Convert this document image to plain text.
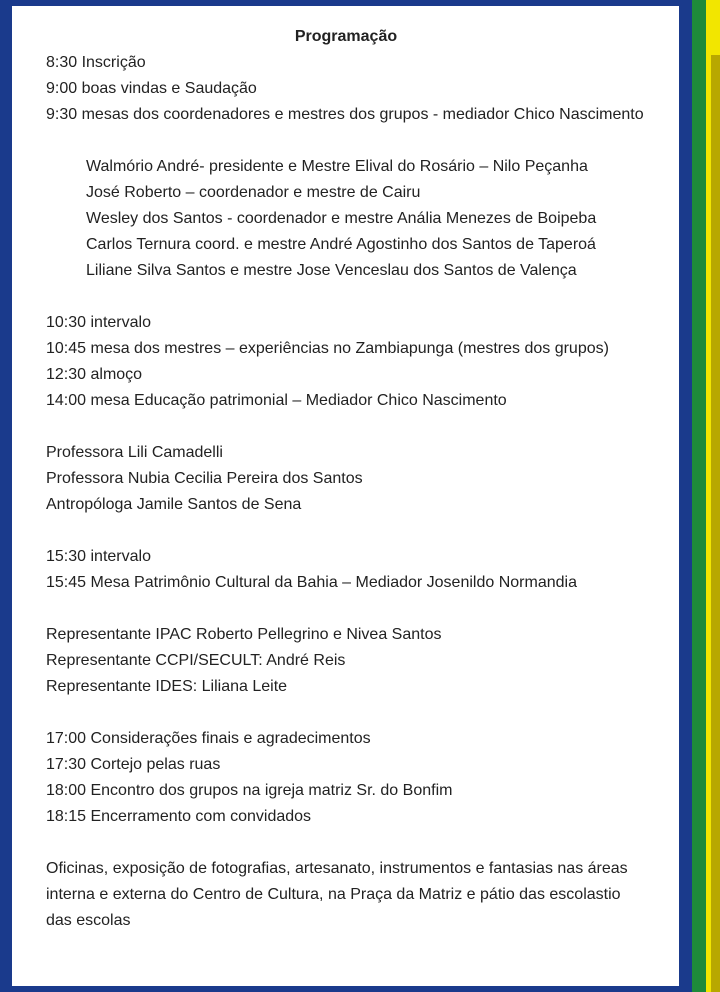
Programação
8:30 Inscrição
9:00 boas vindas e Saudação
9:30 mesas dos coordenadores e mestres dos grupos - mediador Chico Nascimento
Walmório André- presidente e Mestre Elival do Rosário – Nilo Peçanha
José Roberto – coordenador e mestre de Cairu
Wesley dos Santos - coordenador e mestre Anália Menezes de Boipeba
Carlos Ternura coord. e mestre André Agostinho dos Santos de Taperoá
Liliane Silva Santos e mestre Jose Venceslau dos Santos de Valença
10:30 intervalo
10:45 mesa dos mestres – experiências no Zambiapunga (mestres dos grupos)
12:30 almoço
14:00 mesa Educação patrimonial – Mediador Chico Nascimento
Professora Lili Camadelli
Professora Nubia Cecilia Pereira dos Santos
Antropóloga Jamile Santos de Sena
15:30 intervalo
15:45 Mesa Patrimônio Cultural da Bahia – Mediador Josenildo Normandia
Representante IPAC Roberto Pellegrino e Nivea Santos
Representante CCPI/SECULT: André Reis
Representante IDES: Liliana Leite
17:00 Considerações finais e agradecimentos
17:30 Cortejo pelas ruas
18:00 Encontro dos grupos na igreja matriz Sr. do Bonfim
18:15 Encerramento com convidados
Oficinas, exposição de fotografias, artesanato, instrumentos e fantasias nas áreas interna e externa do Centro de Cultura, na Praça da Matriz e pátio das escolastio das escolas
